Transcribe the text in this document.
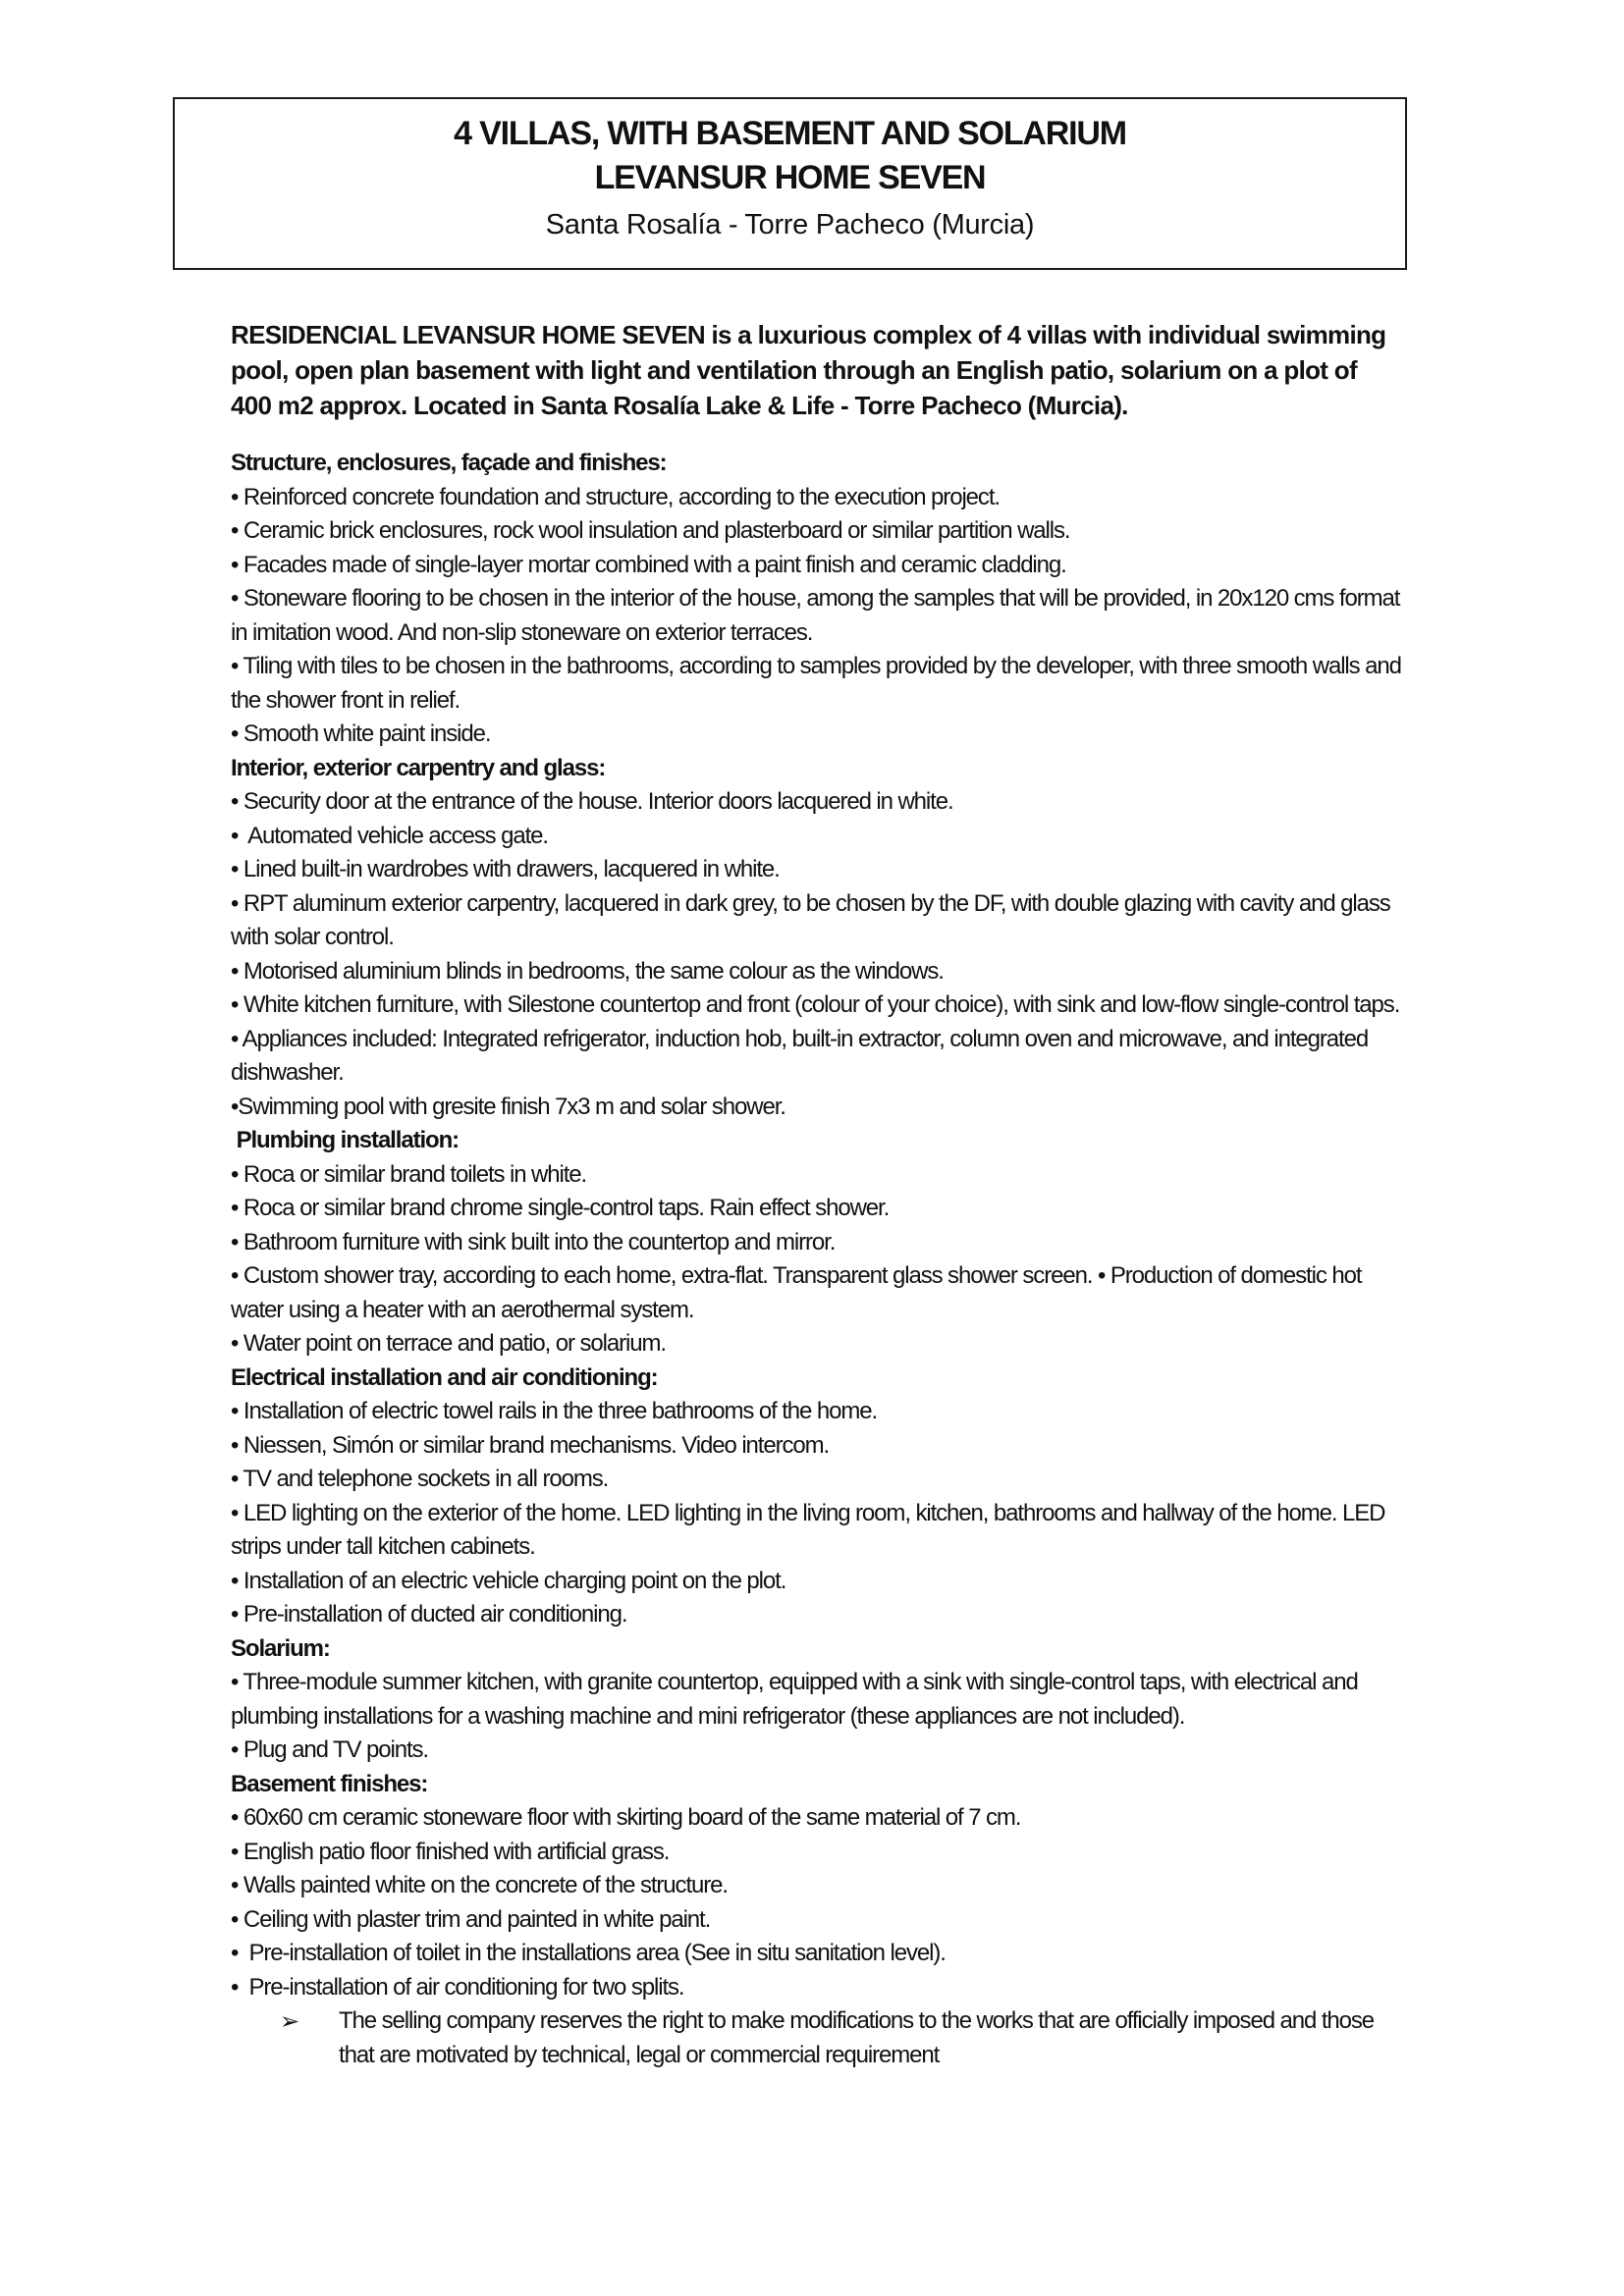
4 VILLAS, WITH BASEMENT AND SOLARIUM
LEVANSUR HOME SEVEN
Santa Rosalía - Torre Pacheco (Murcia)

RESIDENCIAL LEVANSUR HOME SEVEN is a luxurious complex of 4 villas with individual swimming pool, open plan basement with light and ventilation through an English patio, solarium on a plot of 400 m2 approx. Located in Santa Rosalía Lake & Life - Torre Pacheco (Murcia).

Structure, enclosures, façade and finishes:

• Reinforced concrete foundation and structure, according to the execution project.

• Ceramic brick enclosures, rock wool insulation and plasterboard or similar partition walls.

• Facades made of single-layer mortar combined with a paint finish and ceramic cladding.

• Stoneware flooring to be chosen in the interior of the house, among the samples that will be provided, in 20x120 cms format in imitation wood. And non-slip stoneware on exterior terraces.

• Tiling with tiles to be chosen in the bathrooms, according to samples provided by the developer, with three smooth walls and the shower front in relief.

• Smooth white paint inside.

Interior, exterior carpentry and glass:

• Security door at the entrance of the house. Interior doors lacquered in white.

•  Automated vehicle access gate.

• Lined built-in wardrobes with drawers, lacquered in white.

• RPT aluminum exterior carpentry, lacquered in dark grey, to be chosen by the DF, with double glazing with cavity and glass with solar control.

• Motorised aluminium blinds in bedrooms, the same colour as the windows.

• White kitchen furniture, with Silestone countertop and front (colour of your choice), with sink and low-flow single-control taps.

• Appliances included: Integrated refrigerator, induction hob, built-in extractor, column oven and microwave, and integrated dishwasher.

•Swimming pool with gresite finish 7x3 m and solar shower.

Plumbing installation:

• Roca or similar brand toilets in white.

• Roca or similar brand chrome single-control taps. Rain effect shower.

• Bathroom furniture with sink built into the countertop and mirror.

• Custom shower tray, according to each home, extra-flat. Transparent glass shower screen. • Production of domestic hot water using a heater with an aerothermal system.

• Water point on terrace and patio, or solarium.

Electrical installation and air conditioning:

• Installation of electric towel rails in the three bathrooms of the home.

• Niessen, Simón or similar brand mechanisms. Video intercom.

• TV and telephone sockets in all rooms.

• LED lighting on the exterior of the home. LED lighting in the living room, kitchen, bathrooms and hallway of the home. LED strips under tall kitchen cabinets.

• Installation of an electric vehicle charging point on the plot.

• Pre-installation of ducted air conditioning.

Solarium:

• Three-module summer kitchen, with granite countertop, equipped with a sink with single-control taps, with electrical and plumbing installations for a washing machine and mini refrigerator (these appliances are not included).

• Plug and TV points.

Basement finishes:

• 60x60 cm ceramic stoneware floor with skirting board of the same material of 7 cm.

• English patio floor finished with artificial grass.

• Walls painted white on the concrete of the structure.

• Ceiling with plaster trim and painted in white paint.

•  Pre-installation of toilet in the installations area (See in situ sanitation level).

•  Pre-installation of air conditioning for two splits.

➢	The selling company reserves the right to make modifications to the works that are officially imposed and those that are motivated by technical, legal or commercial requirement
